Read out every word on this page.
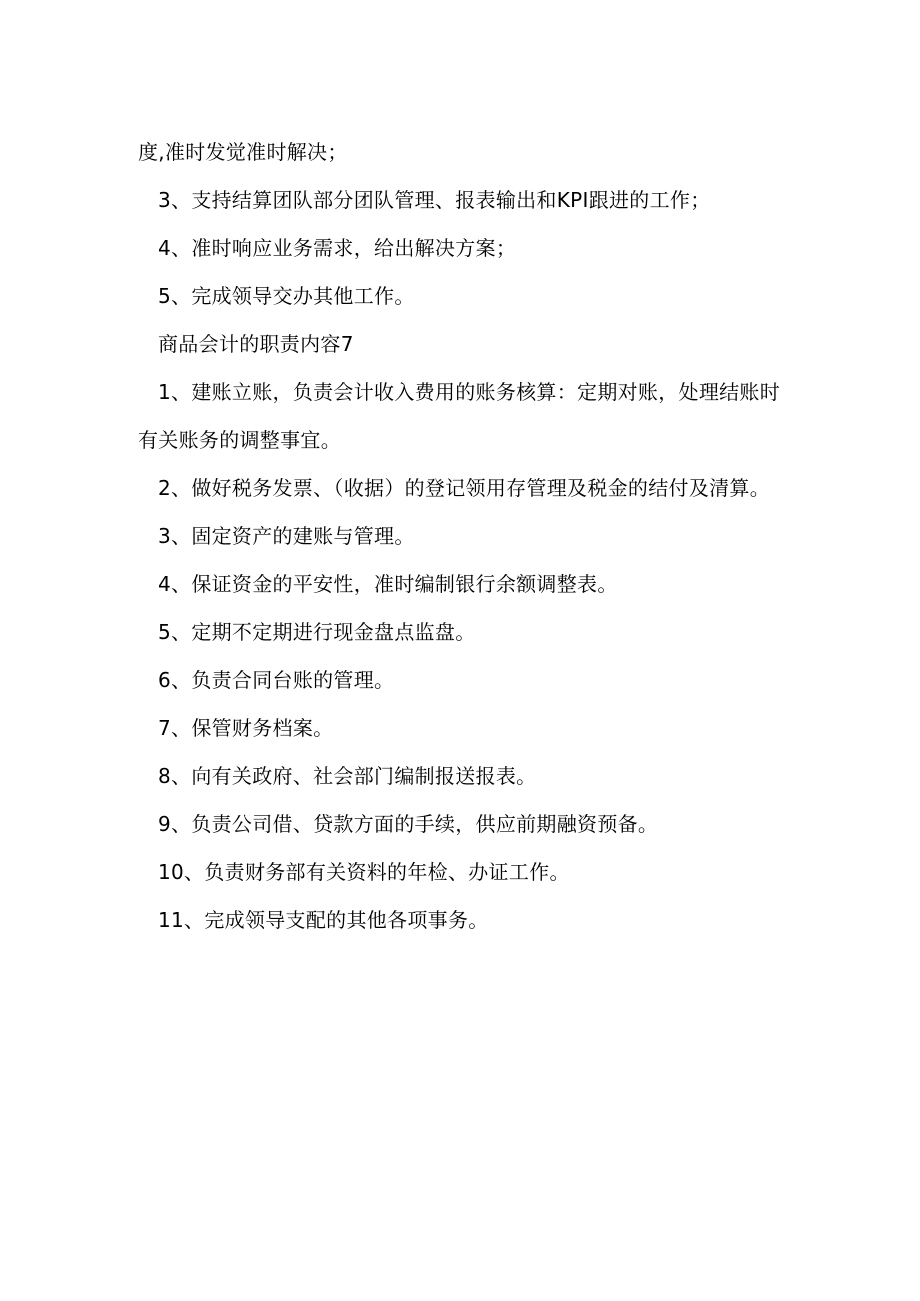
度,准时发觉准时解决；

3、支持结算团队部分团队管理、报表输出和KPI跟进的工作；

4、准时响应业务需求，给出解决方案；

5、完成领导交办其他工作。

商品会计的职责内容7

1、建账立账，负责会计收入费用的账务核算：定期对账，处理结账时有关账务的调整事宜。

2、做好税务发票、（收据）的登记领用存管理及税金的结付及清算。

3、固定资产的建账与管理。

4、保证资金的平安性，准时编制银行余额调整表。

5、定期不定期进行现金盘点监盘。

6、负责合同台账的管理。

7、保管财务档案。

8、向有关政府、社会部门编制报送报表。

9、负责公司借、贷款方面的手续，供应前期融资预备。

10、负责财务部有关资料的年检、办证工作。

11、完成领导支配的其他各项事务。
